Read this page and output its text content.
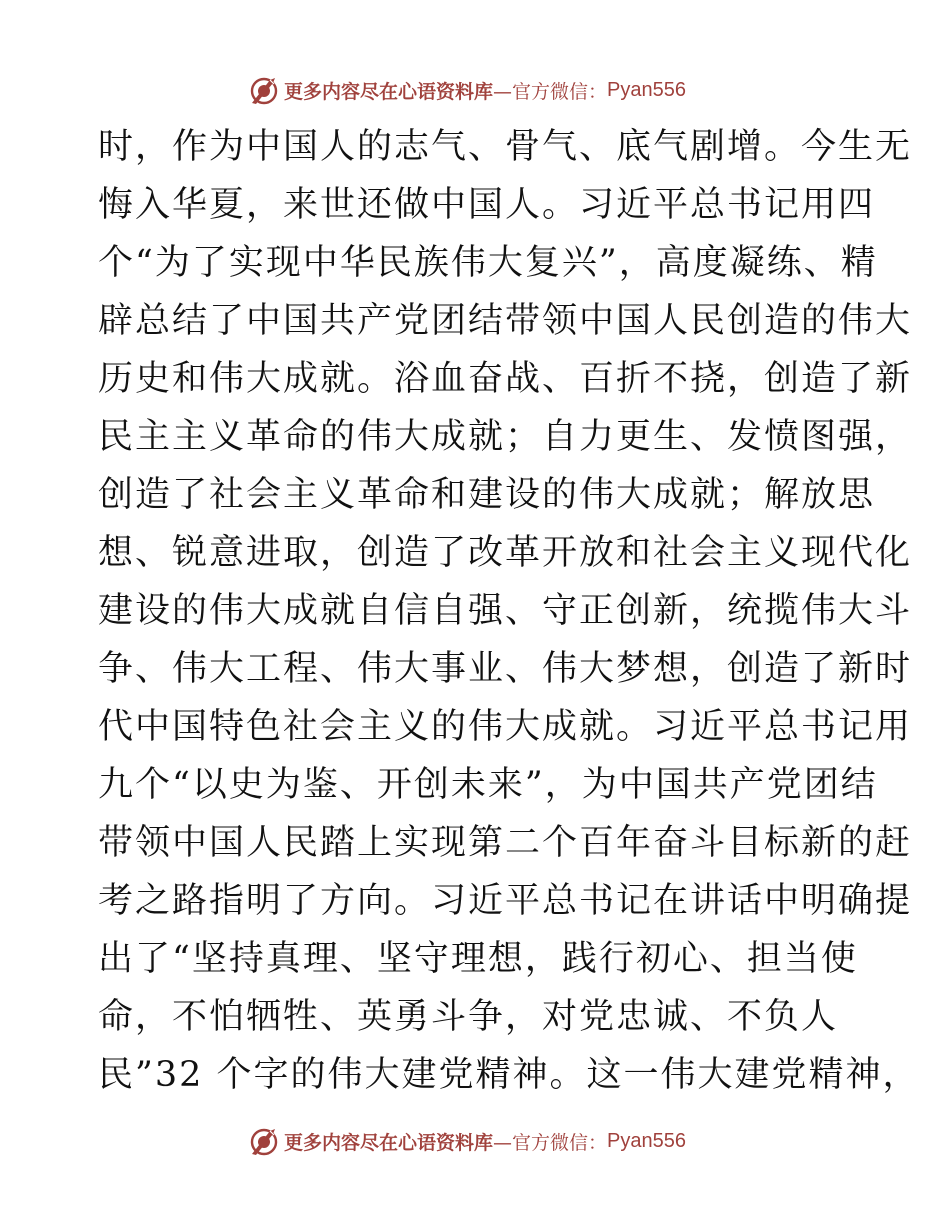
更多内容尽在心语资料库 —官方微信： Pyan556
时，作为中国人的志气、骨气、底气剧增。今生无
悔入华夏，来世还做中国人。习近平总书记用四
个“为了实现中华民族伟大复兴”，高度凝练、精
辟总结了中国共产党团结带领中国人民创造的伟大
历史和伟大成就。浴血奋战、百折不挠，创造了新
民主主义革命的伟大成就；自力更生、发愤图强，
创造了社会主义革命和建设的伟大成就；解放思
想、锐意进取，创造了改革开放和社会主义现代化
建设的伟大成就自信自强、守正创新，统揽伟大斗
争、伟大工程、伟大事业、伟大梦想，创造了新时
代中国特色社会主义的伟大成就。习近平总书记用
九个“以史为鉴、开创未来”，为中国共产党团结
带领中国人民踏上实现第二个百年奋斗目标新的赶
考之路指明了方向。习近平总书记在讲话中明确提
出了“坚持真理、坚守理想，践行初心、担当使
命，不怕牺牲、英勇斗争，对党忠诚、不负人
民”32 个字的伟大建党精神。这一伟大建党精神，
更多内容尽在心语资料库 —官方微信： Pyan556
